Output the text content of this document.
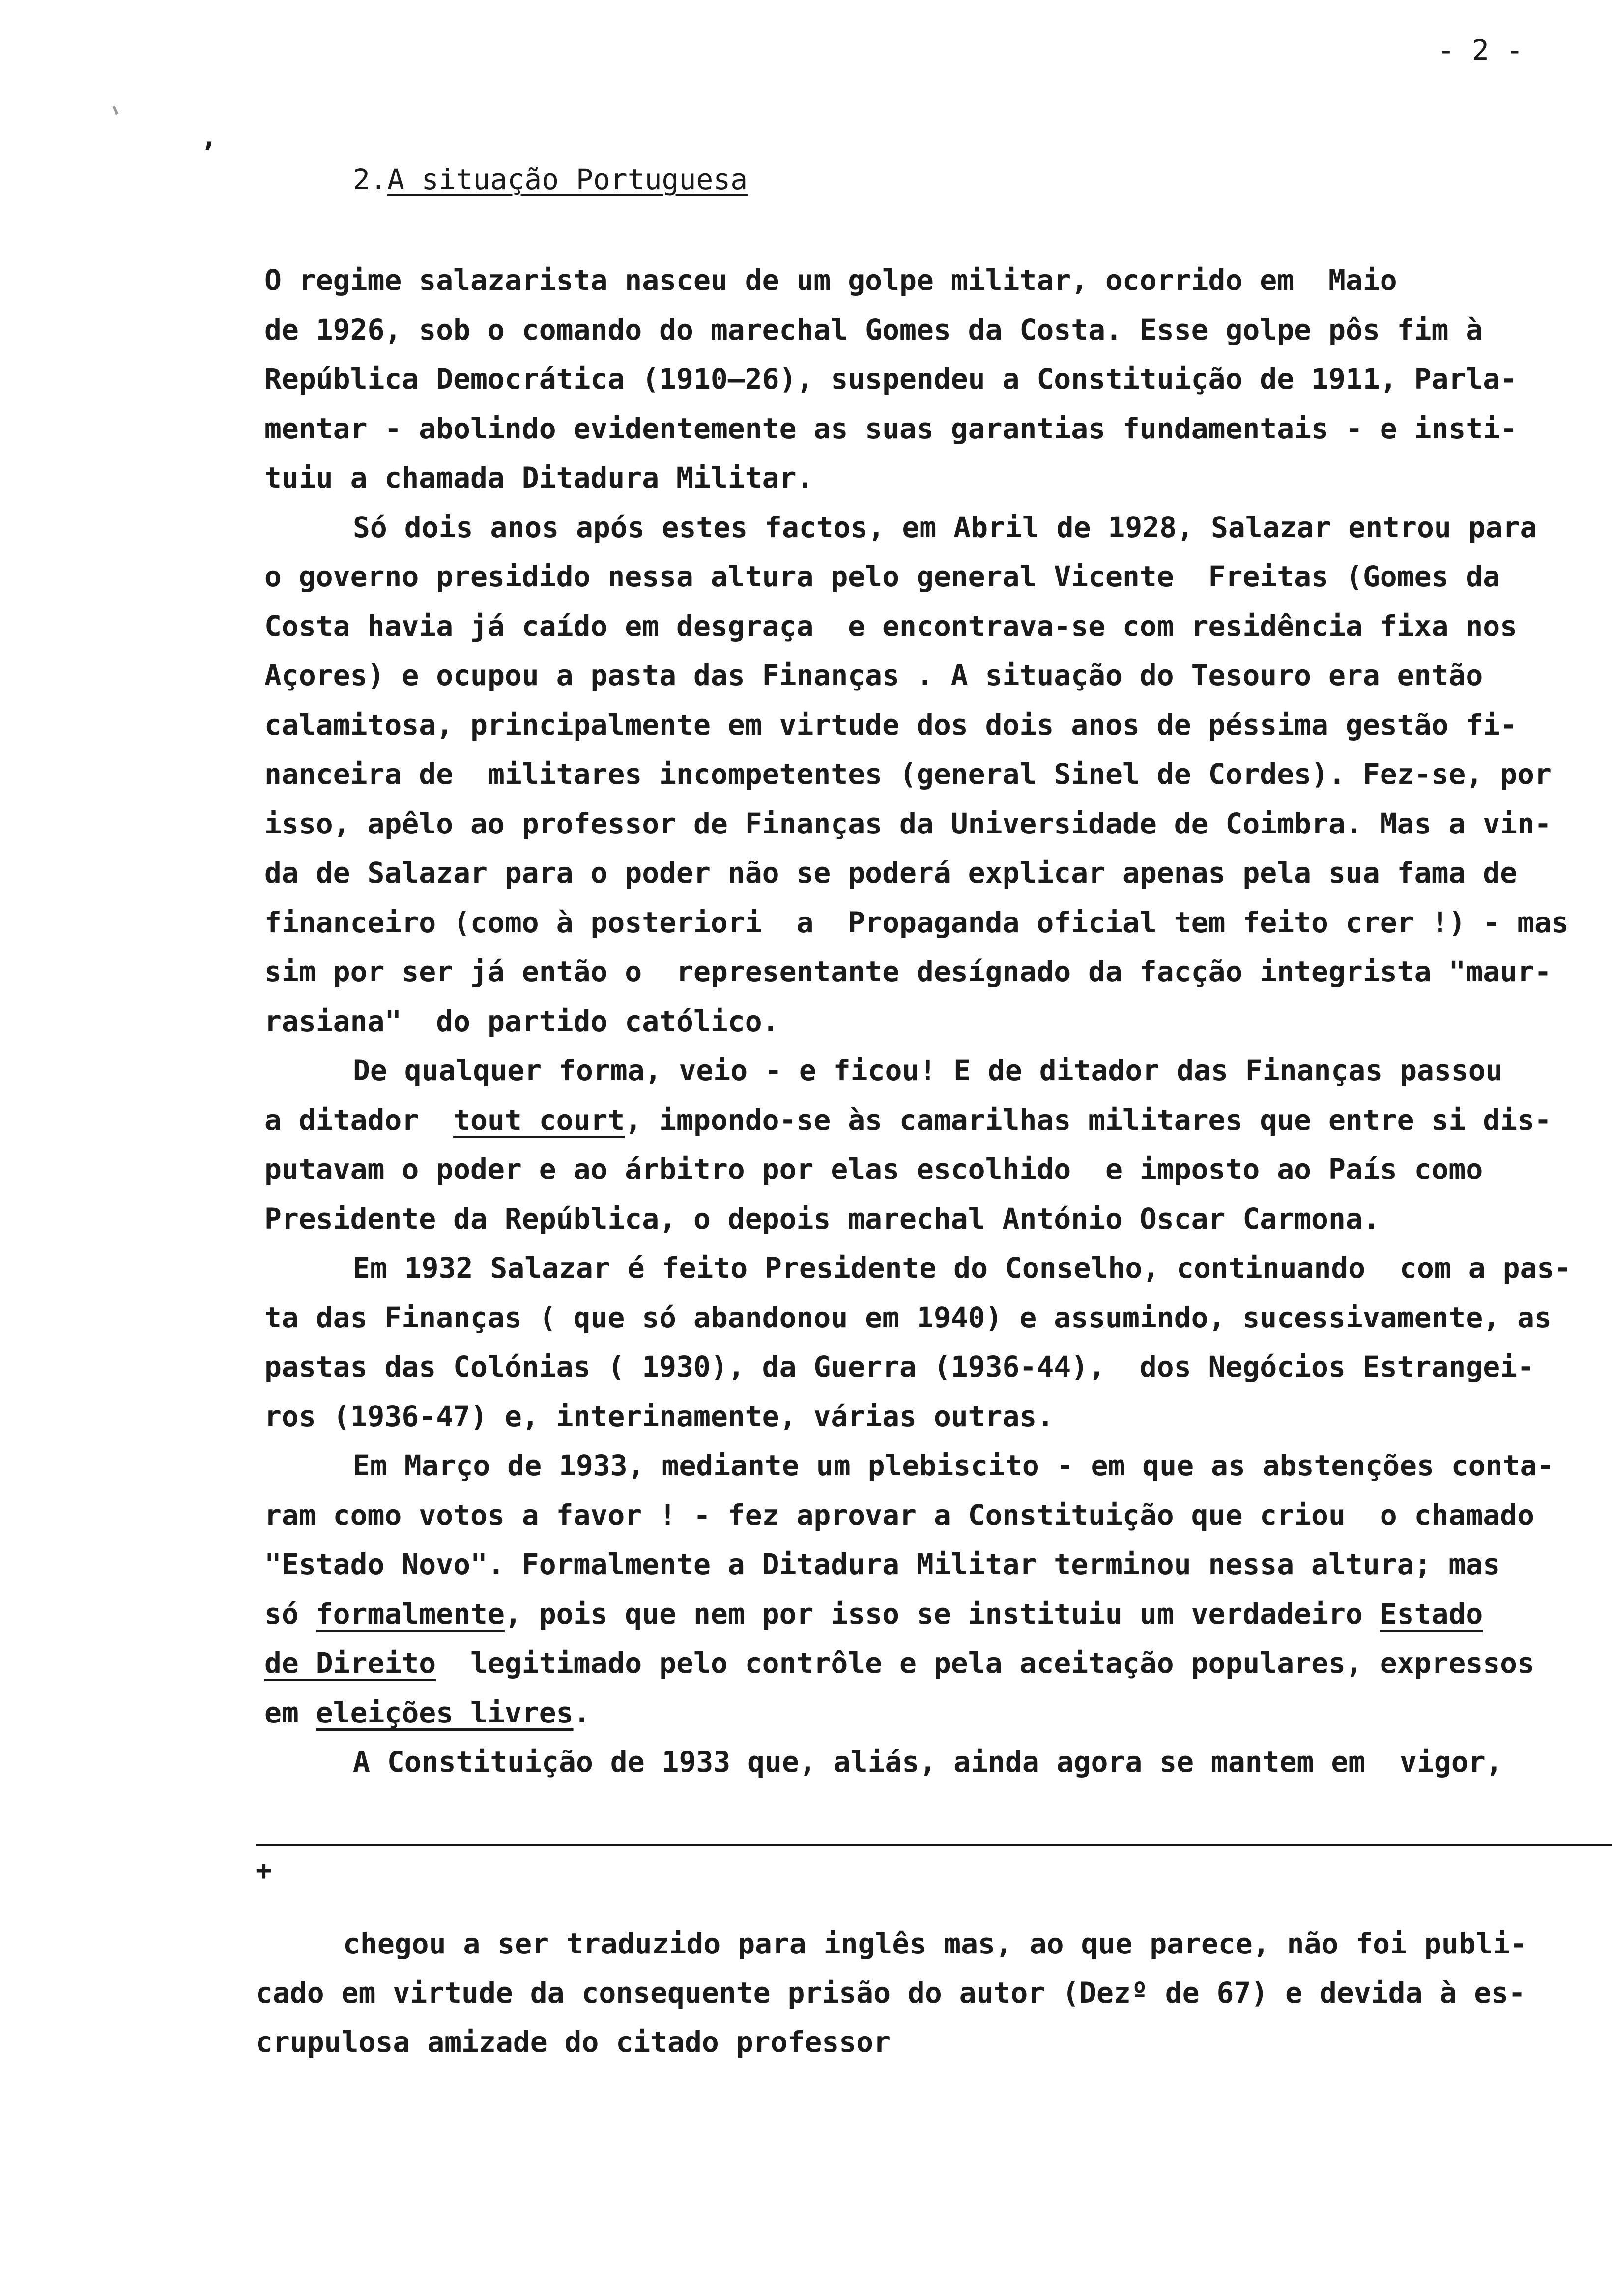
,
- 2 -
2.A situação Portuguesa
O regime salazarista nasceu de um golpe militar, ocorrido em  Maio
de 1926, sob o comando do marechal Gomes da Costa. Esse golpe pôs fim à
República Democrática (1910—26), suspendeu a Constituição de 1911, Parla-
mentar - abolindo evidentemente as suas garantias fundamentais - e insti-
tuiu a chamada Ditadura Militar.
Só dois anos após estes factos, em Abril de 1928, Salazar entrou para
o governo presidido nessa altura pelo general Vicente  Freitas (Gomes da
Costa havia já caído em desgraça  e encontrava-se com residência fixa nos
Açores) e ocupou a pasta das Finanças . A situação do Tesouro era então
calamitosa, principalmente em virtude dos dois anos de péssima gestão fi-
nanceira de  militares incompetentes (general Sinel de Cordes). Fez-se, por
isso, apêlo ao professor de Finanças da Universidade de Coimbra. Mas a vin-
da de Salazar para o poder não se poderá explicar apenas pela sua fama de
financeiro (como à posteriori  a  Propaganda oficial tem feito crer !) - mas
sim por ser já então o  representante desígnado da facção integrista "maur-
rasiana"  do partido católico.
De qualquer forma, veio - e ficou! E de ditador das Finanças passou
a ditador  tout court, impondo-se às camarilhas militares que entre si dis-
putavam o poder e ao árbitro por elas escolhido  e imposto ao País como
Presidente da República, o depois marechal António Oscar Carmona.
Em 1932 Salazar é feito Presidente do Conselho, continuando  com a pas-
ta das Finanças ( que só abandonou em 1940) e assumindo, sucessivamente, as
pastas das Colónias ( 1930), da Guerra (1936-44),  dos Negócios Estrangei-
ros (1936-47) e, interinamente, várias outras.
Em Março de 1933, mediante um plebiscito - em que as abstenções conta-
ram como votos a favor ! - fez aprovar a Constituição que criou  o chamado
"Estado Novo". Formalmente a Ditadura Militar terminou nessa altura; mas
só formalmente, pois que nem por isso se instituiu um verdadeiro Estado
de Direito  legitimado pelo contrôle e pela aceitação populares, expressos
em eleições livres.
A Constituição de 1933 que, aliás, ainda agora se mantem em  vigor,
+
chegou a ser traduzido para inglês mas, ao que parece, não foi publi-
cado em virtude da consequente prisão do autor (Dezº de 67) e devida à es-
crupulosa amizade do citado professor
